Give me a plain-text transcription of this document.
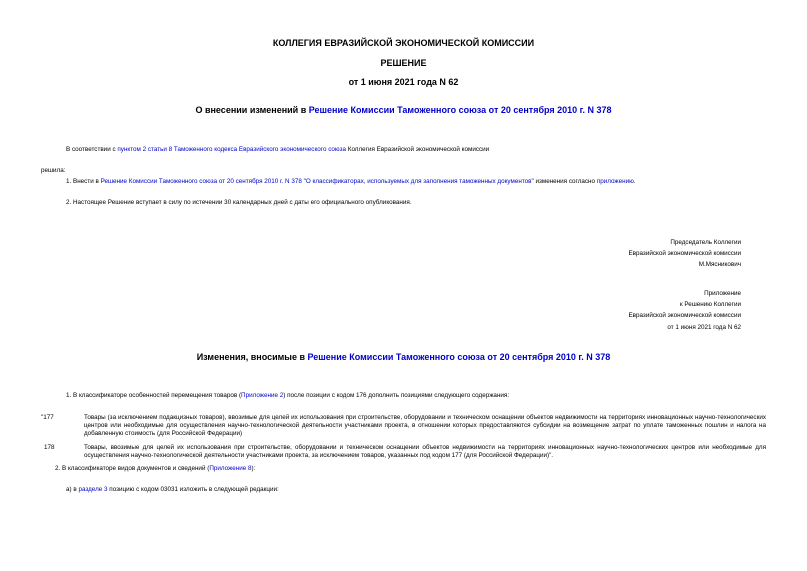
КОЛЛЕГИЯ ЕВРАЗИЙСКОЙ ЭКОНОМИЧЕСКОЙ КОМИССИИ
РЕШЕНИЕ
от 1 июня 2021 года N 62
О внесении изменений в Решение Комиссии Таможенного союза от 20 сентября 2010 г. N 378
В соответствии с пунктом 2 статьи 8 Таможенного кодекса Евразийского экономического союза Коллегия Евразийской экономической комиссии
решила:
1. Внести в Решение Комиссии Таможенного союза от 20 сентября 2010 г. N 378 "О классификаторах, используемых для заполнения таможенных документов" изменения согласно приложению.
2. Настоящее Решение вступает в силу по истечении 30 календарных дней с даты его официального опубликования.
Председатель Коллегии
Евразийской экономической комиссии
М.Мясникович
Приложение
к Решению Коллегии
Евразийской экономической комиссии
от 1 июня 2021 года N 62
Изменения, вносимые в Решение Комиссии Таможенного союза от 20 сентября 2010 г. N 378
1. В классификаторе особенностей перемещения товаров (Приложение 2) после позиции с кодом 176 дополнить позициями следующего содержания:
"177	Товары (за исключением подакцизных товаров), ввозимые для целей их использования при строительстве, оборудовании и техническом оснащении объектов недвижимости на территориях инновационных научно-технологических центров или необходимые для осуществления научно-технологической деятельности участниками проекта, в отношении которых предоставляются субсидии на возмещение затрат по уплате таможенных пошлин и налога на добавленную стоимость (для Российской Федерации)
178	Товары, ввозимые для целей их использования при строительстве, оборудовании и техническом оснащении объектов недвижимости на территориях инновационных научно-технологических центров или необходимые для осуществления научно-технологической деятельности участниками проекта, за исключением товаров, указанных под кодом 177 (для Российской Федерации)".
2. В классификаторе видов документов и сведений (Приложение 8):
а) в разделе 3 позицию с кодом 03031 изложить в следующей редакции:
